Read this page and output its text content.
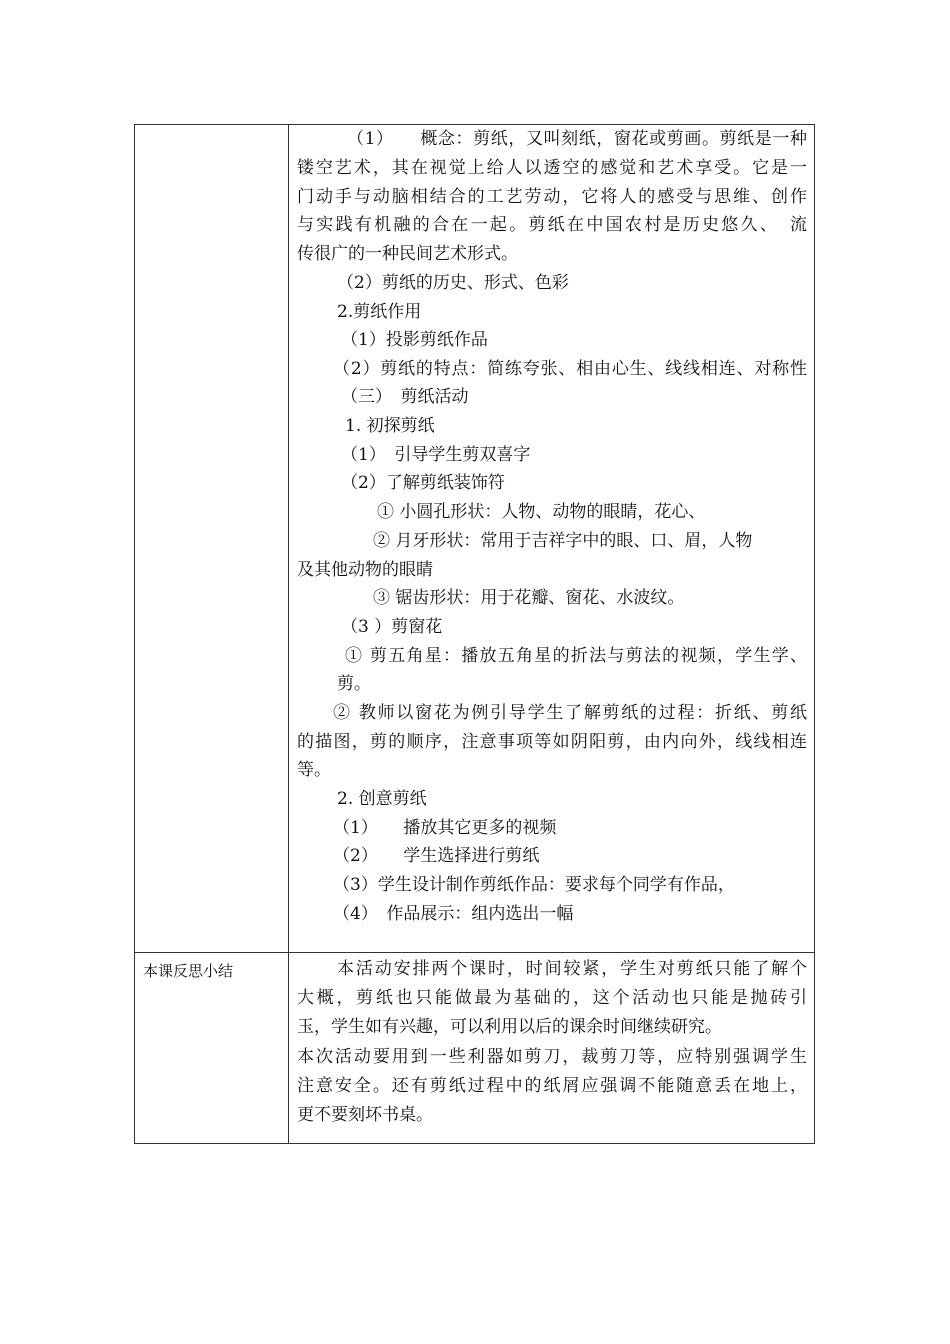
本课反思小结
（1）　　概念：剪纸，又叫刻纸，窗花或剪画。剪纸是一种
镂空艺术，其在视觉上给人以透空的感觉和艺术享受。它是一
门动手与动脑相结合的工艺劳动，它将人的感受与思维、创作
与实践有机融的合在一起。剪纸在中国农村是历史悠久、　流
传很广的一种民间艺术形式。
（2）剪纸的历史、形式、色彩
2.剪纸作用
（1）投影剪纸作品
（2）剪纸的特点：简练夸张、相由心生、线线相连、对称性
（三）　剪纸活动
1. 初探剪纸
（1）　引导学生剪双喜字
（2）了解剪纸装饰符
① 小圆孔形状：人物、动物的眼睛，花心、
② 月牙形状：常用于吉祥字中的眼、口、眉，人物
及其他动物的眼睛
③ 锯齿形状：用于花瓣、窗花、水波纹。
（3 ）剪窗花
① 剪五角星：播放五角星的折法与剪法的视频，学生学、
剪。
② 教师以窗花为例引导学生了解剪纸的过程：折纸、剪纸
的描图，剪的顺序，注意事项等如阴阳剪，由内向外，线线相连
等。
2. 创意剪纸
（1）　　播放其它更多的视频
（2）　　学生选择进行剪纸
（3）学生设计制作剪纸作品：要求每个同学有作品，
（4）　作品展示：组内选出一幅
本活动安排两个课时，时间较紧，学生对剪纸只能了解个
大概，剪纸也只能做最为基础的，这个活动也只能是抛砖引
玉，学生如有兴趣，可以利用以后的课余时间继续研究。
本次活动要用到一些利器如剪刀，裁剪刀等，应特别强调学生
注意安全。还有剪纸过程中的纸屑应强调不能随意丢在地上，
更不要刻坏书桌。
